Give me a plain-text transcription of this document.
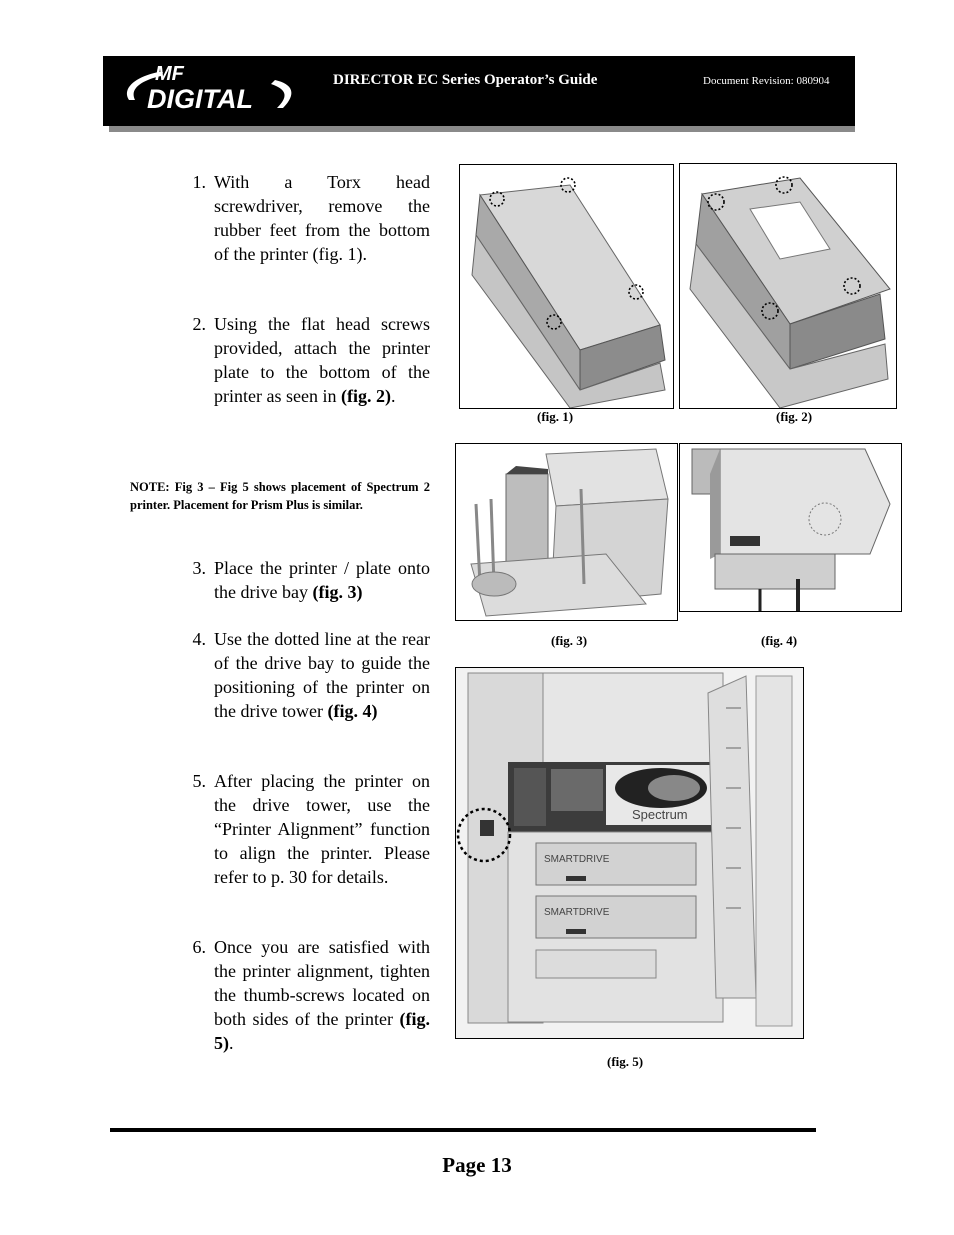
MF
DIGITAL
DIRECTOR EC Series Operator’s Guide	Document Revision: 080904
1. With a Torx head screwdriver, remove the rubber feet from the bottom of the printer (fig. 1).
2. Using the flat head screws provided, attach the printer plate to the bottom of the printer as seen in (fig. 2).
3. Place the printer / plate onto the drive bay (fig. 3)
4. Use the dotted line at the rear of the drive bay to guide the positioning of the printer on the drive tower (fig. 4)
5. After placing the printer on the drive tower, use the “Printer Alignment” function to align the printer. Please refer to p. 30 for details.
6. Once you are satisfied with the printer alignment, tighten the thumb-screws located on both sides of the printer (fig. 5).
NOTE: Fig 3 – Fig 5 shows placement of Spectrum 2 printer. Placement for Prism Plus is similar.
(fig. 1)	(fig. 2)
(fig. 3)	(fig. 4)
Spectrum
SMARTDRIVE
SMARTDRIVE
(fig. 5)
Page 13
